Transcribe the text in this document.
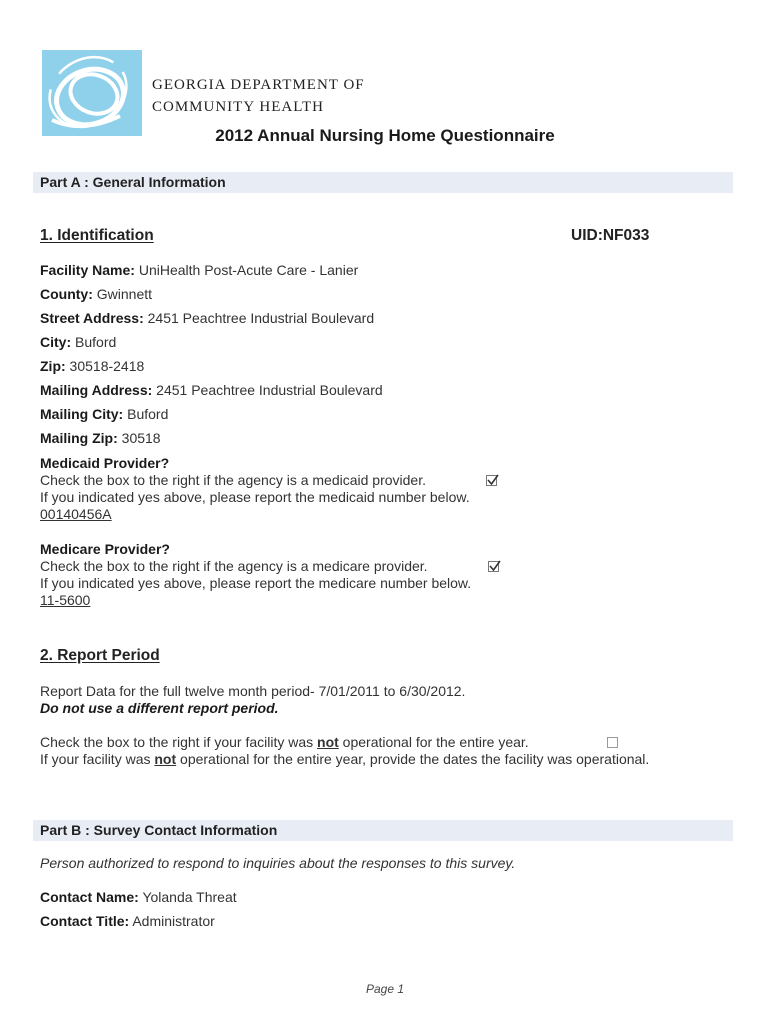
GEORGIA DEPARTMENT OF
COMMUNITY HEALTH
2012 Annual Nursing Home Questionnaire
Part A : General Information
1. Identification	UID:NF033
Facility Name: UniHealth Post-Acute Care - Lanier
County: Gwinnett
Street Address: 2451 Peachtree Industrial Boulevard
City: Buford
Zip: 30518-2418
Mailing Address: 2451 Peachtree Industrial Boulevard
Mailing City: Buford
Mailing Zip: 30518
Medicaid Provider?
Check the box to the right if the agency is a medicaid provider.
If you indicated yes above, please report the medicaid number below.
00140456A
Medicare Provider?
Check the box to the right if the agency is a medicare provider.
If you indicated yes above, please report the medicare number below.
11-5600
2. Report Period
Report Data for the full twelve month period- 7/01/2011 to 6/30/2012.
Do not use a different report period.
Check the box to the right if your facility was not operational for the entire year.
If your facility was not operational for the entire year, provide the dates the facility was operational.
Part B : Survey Contact Information
Person authorized to respond to inquiries about the responses to this survey.
Contact Name: Yolanda Threat
Contact Title: Administrator
Page 1
